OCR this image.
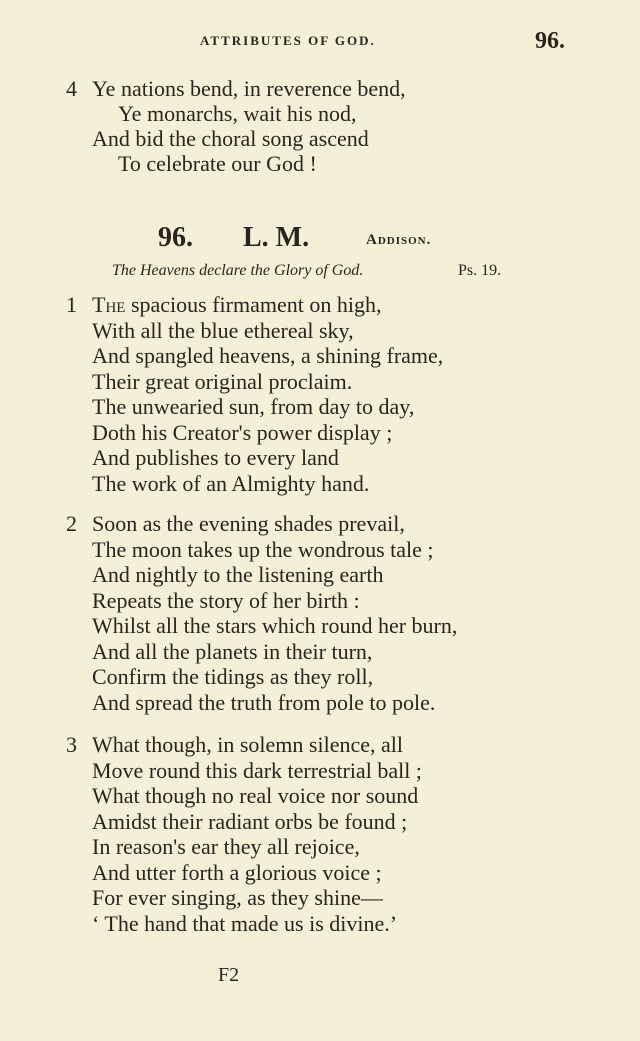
ATTRIBUTES OF GOD.	96.
4 Ye nations bend, in reverence bend,
Ye monarchs, wait his nod,
And bid the choral song ascend
To celebrate our God !
96. L. M.	Addison.
The Heavens declare the Glory of God.	Ps. 19.
1 The spacious firmament on high,
With all the blue ethereal sky,
And spangled heavens, a shining frame,
Their great original proclaim.
The unwearied sun, from day to day,
Doth his Creator's power display ;
And publishes to every land
The work of an Almighty hand.
2 Soon as the evening shades prevail,
The moon takes up the wondrous tale ;
And nightly to the listening earth
Repeats the story of her birth :
Whilst all the stars which round her burn,
And all the planets in their turn,
Confirm the tidings as they roll,
And spread the truth from pole to pole.
3 What though, in solemn silence, all
Move round this dark terrestrial ball ;
What though no real voice nor sound
Amidst their radiant orbs be found ;
In reason's ear they all rejoice,
And utter forth a glorious voice ;
For ever singing, as they shine—
‘ The hand that made us is divine.’
F2
